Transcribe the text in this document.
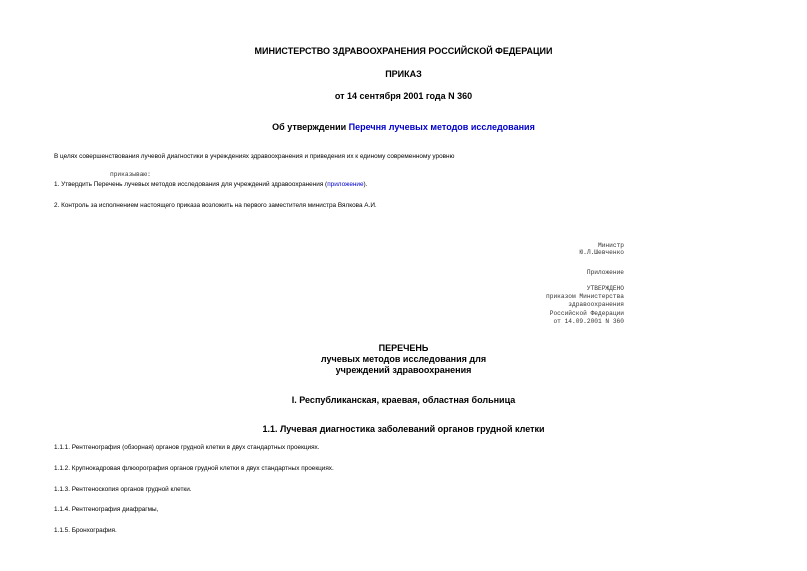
МИНИСТЕРСТВО ЗДРАВООХРАНЕНИЯ РОССИЙСКОЙ ФЕДЕРАЦИИ
ПРИКАЗ
от 14 сентября 2001 года N 360
Об утверждении Перечня лучевых методов исследования
В целях совершенствования лучевой диагностики в учреждениях здравоохранения и приведения их к единому современному уровню
приказываю:
1. Утвердить Перечень лучевых методов исследования для учреждений здравоохранения (приложение).
2. Контроль за исполнением настоящего приказа возложить на первого заместителя министра Вялкова А.И.
Министр
Ю.Л.Шевченко
Приложение
УТВЕРЖДЕНО
приказом Министерства
здравоохранения
Российской Федерации
от 14.09.2001 N 360
ПЕРЕЧЕНЬ
лучевых методов исследования для
учреждений здравоохранения
I. Республиканская, краевая, областная больница
1.1. Лучевая диагностика заболеваний органов грудной клетки
1.1.1. Рентгенография (обзорная) органов грудной клетки в двух стандартных проекциях.
1.1.2. Крупнокадровая флюорография органов грудной клетки в двух стандартных проекциях.
1.1.3. Рентгеноскопия органов грудной клетки.
1.1.4. Рентгенография диафрагмы,
1.1.5. Бронхография.
